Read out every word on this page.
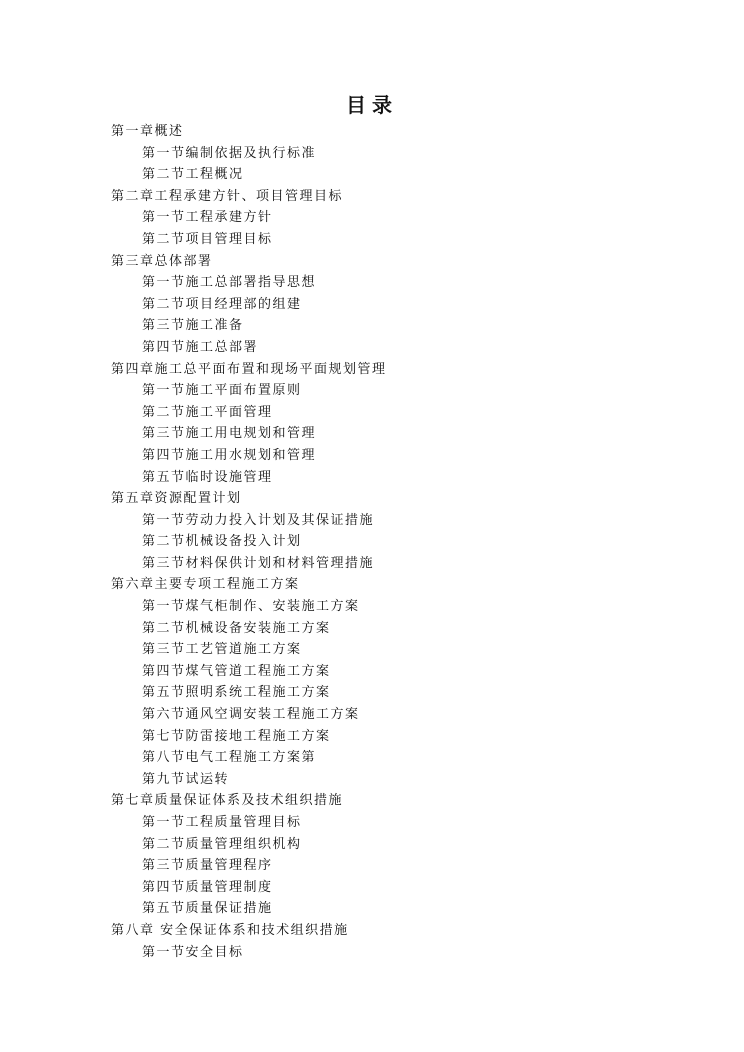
目录
第一章概述
第一节编制依据及执行标准
第二节工程概况
第二章工程承建方针、项目管理目标
第一节工程承建方针
第二节项目管理目标
第三章总体部署
第一节施工总部署指导思想
第二节项目经理部的组建
第三节施工准备
第四节施工总部署
第四章施工总平面布置和现场平面规划管理
第一节施工平面布置原则
第二节施工平面管理
第三节施工用电规划和管理
第四节施工用水规划和管理
第五节临时设施管理
第五章资源配置计划
第一节劳动力投入计划及其保证措施
第二节机械设备投入计划
第三节材料保供计划和材料管理措施
第六章主要专项工程施工方案
第一节煤气柜制作、安装施工方案
第二节机械设备安装施工方案
第三节工艺管道施工方案
第四节煤气管道工程施工方案
第五节照明系统工程施工方案
第六节通风空调安装工程施工方案
第七节防雷接地工程施工方案
第八节电气工程施工方案第
第九节试运转
第七章质量保证体系及技术组织措施
第一节工程质量管理目标
第二节质量管理组织机构
第三节质量管理程序
第四节质量管理制度
第五节质量保证措施
第八章 安全保证体系和技术组织措施
第一节安全目标
